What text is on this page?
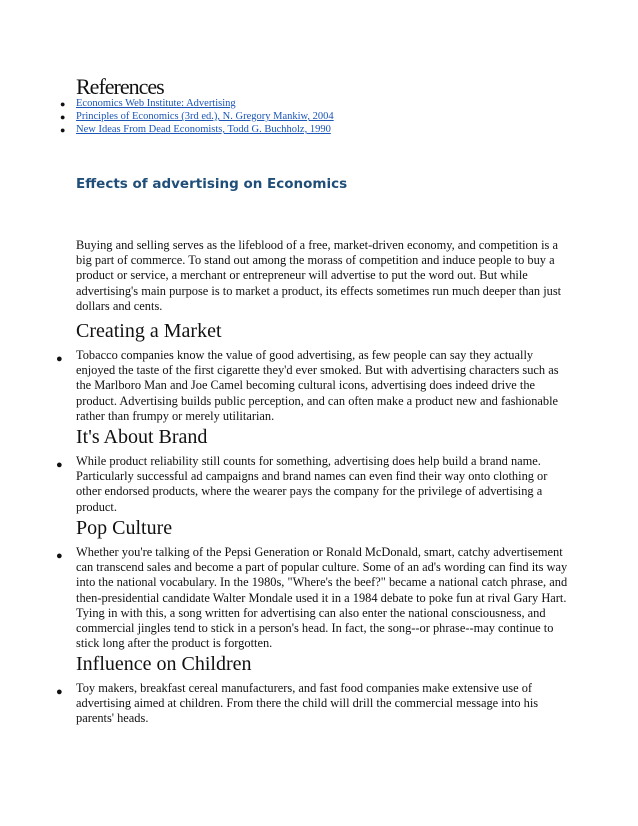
References
● Economics Web Institute: Advertising
● Principles of Economics (3rd ed.), N. Gregory Mankiw, 2004
● New Ideas From Dead Economists, Todd G. Buchholz, 1990
Effects of advertising on Economics
Buying and selling serves as the lifeblood of a free, market-driven economy, and competition is a big part of commerce. To stand out among the morass of competition and induce people to buy a product or service, a merchant or entrepreneur will advertise to put the word out. But while advertising's main purpose is to market a product, its effects sometimes run much deeper than just dollars and cents.
Creating a Market
● Tobacco companies know the value of good advertising, as few people can say they actually enjoyed the taste of the first cigarette they'd ever smoked. But with advertising characters such as the Marlboro Man and Joe Camel becoming cultural icons, advertising does indeed drive the product. Advertising builds public perception, and can often make a product new and fashionable rather than frumpy or merely utilitarian.
It's About Brand
● While product reliability still counts for something, advertising does help build a brand name. Particularly successful ad campaigns and brand names can even find their way onto clothing or other endorsed products, where the wearer pays the company for the privilege of advertising a product.
Pop Culture
● Whether you're talking of the Pepsi Generation or Ronald McDonald, smart, catchy advertisement can transcend sales and become a part of popular culture. Some of an ad's wording can find its way into the national vocabulary. In the 1980s, "Where's the beef?" became a national catch phrase, and then-presidential candidate Walter Mondale used it in a 1984 debate to poke fun at rival Gary Hart. Tying in with this, a song written for advertising can also enter the national consciousness, and commercial jingles tend to stick in a person's head. In fact, the song--or phrase--may continue to stick long after the product is forgotten.
Influence on Children
● Toy makers, breakfast cereal manufacturers, and fast food companies make extensive use of advertising aimed at children. From there the child will drill the commercial message into his parents' heads.
